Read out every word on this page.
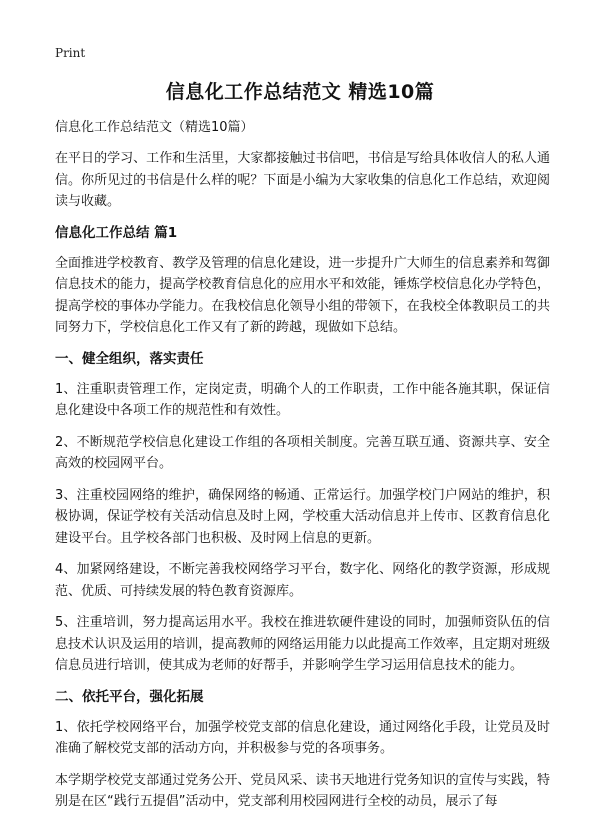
Print
信息化工作总结范文 精选10篇
信息化工作总结范文（精选10篇）

在平日的学习、工作和生活里，大家都接触过书信吧，书信是写给具体收信人的私人通信。你所见过的书信是什么样的呢？下面是小编为大家收集的信息化工作总结，欢迎阅读与收藏。

信息化工作总结 篇1

全面推进学校教育、教学及管理的信息化建设，进一步提升广大师生的信息素养和驾御信息技术的能力，提高学校教育信息化的应用水平和效能，锤炼学校信息化办学特色，提高学校的事体办学能力。在我校信息化领导小组的带领下，在我校全体教职员工的共同努力下，学校信息化工作又有了新的跨越，现做如下总结。

一、健全组织，落实责任

1、注重职责管理工作，定岗定责，明确个人的工作职责，工作中能各施其职，保证信息化建设中各项工作的规范性和有效性。

2、不断规范学校信息化建设工作组的各项相关制度。完善互联互通、资源共享、安全高效的校园网平台。

3、注重校园网络的维护，确保网络的畅通、正常运行。加强学校门户网站的维护，积极协调，保证学校有关活动信息及时上网，学校重大活动信息并上传市、区教育信息化建设平台。且学校各部门也积极、及时网上信息的更新。

4、加紧网络建设，不断完善我校网络学习平台，数字化、网络化的教学资源，形成规范、优质、可持续发展的特色教育资源库。

5、注重培训，努力提高运用水平。我校在推进软硬件建设的同时，加强师资队伍的信息技术认识及运用的培训，提高教师的网络运用能力以此提高工作效率，且定期对班级信息员进行培训，使其成为老师的好帮手，并影响学生学习运用信息技术的能力。

二、依托平台，强化拓展

1、依托学校网络平台，加强学校党支部的信息化建设，通过网络化手段，让党员及时准确了解校党支部的活动方向，并积极参与党的各项事务。

本学期学校党支部通过党务公开、党员风采、读书天地进行党务知识的宣传与实践，特别是在区“践行五提倡”活动中，党支部利用校园网进行全校的动员，展示了每
